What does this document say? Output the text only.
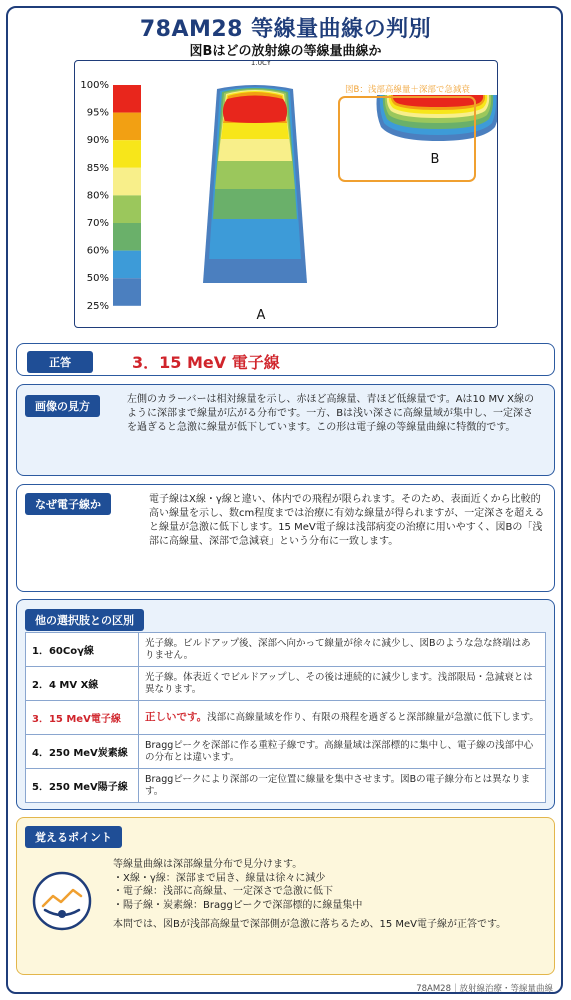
78AM28 等線量曲線の判別
図Bはどの放射線の等線量曲線か
1.0CY
100%
95%
90%
85%
80%
70%
60%
50%
25%
A
図B：浅部高線量＋深部で急減衰
B
正答	3．15 MeV 電子線
画像の見方
左側のカラーバーは相対線量を示し、赤ほど高線量、青ほど低線量です。Aは10 MV X線のように深部まで線量が広がる分布です。一方、Bは浅い深さに高線量域が集中し、一定深さを過ぎると急激に線量が低下しています。この形は電子線の等線量曲線に特徴的です。
なぜ電子線か	電子線はX線・γ線と違い、体内での飛程が限られます。そのため、表面近くから比較的高い線量を示し、数cm程度までは治療に有効な線量が得られますが、一定深さを超えると線量が急激に低下します。15 MeV電子線は浅部病変の治療に用いやすく、図Bの「浅部に高線量、深部で急減衰」という分布に一致します。
他の選択肢との区別
1．60Coγ線	光子線。ビルドアップ後、深部へ向かって線量が徐々に減少し、図Bのような急な終端はありません。
2．4 MV X線	光子線。体表近くでビルドアップし、その後は連続的に減少します。浅部限局・急減衰とは異なります。
3．15 MeV電子線	正しいです。浅部に高線量域を作り、有限の飛程を過ぎると深部線量が急激に低下します。
4．250 MeV炭素線	Braggピークを深部に作る重粒子線です。高線量域は深部標的に集中し、電子線の浅部中心の分布とは違います。
5．250 MeV陽子線	Braggピークにより深部の一定位置に線量を集中させます。図Bの電子線分布とは異なります。
覚えるポイント
等線量曲線は深部線量分布で見分けます。
・X線・γ線：深部まで届き、線量は徐々に減少
・電子線：浅部に高線量、一定深さで急激に低下
・陽子線・炭素線：Braggピークで深部標的に線量集中
本問では、図Bが浅部高線量で深部側が急激に落ちるため、15 MeV電子線が正答です。
78AM28｜放射線治療・等線量曲線
